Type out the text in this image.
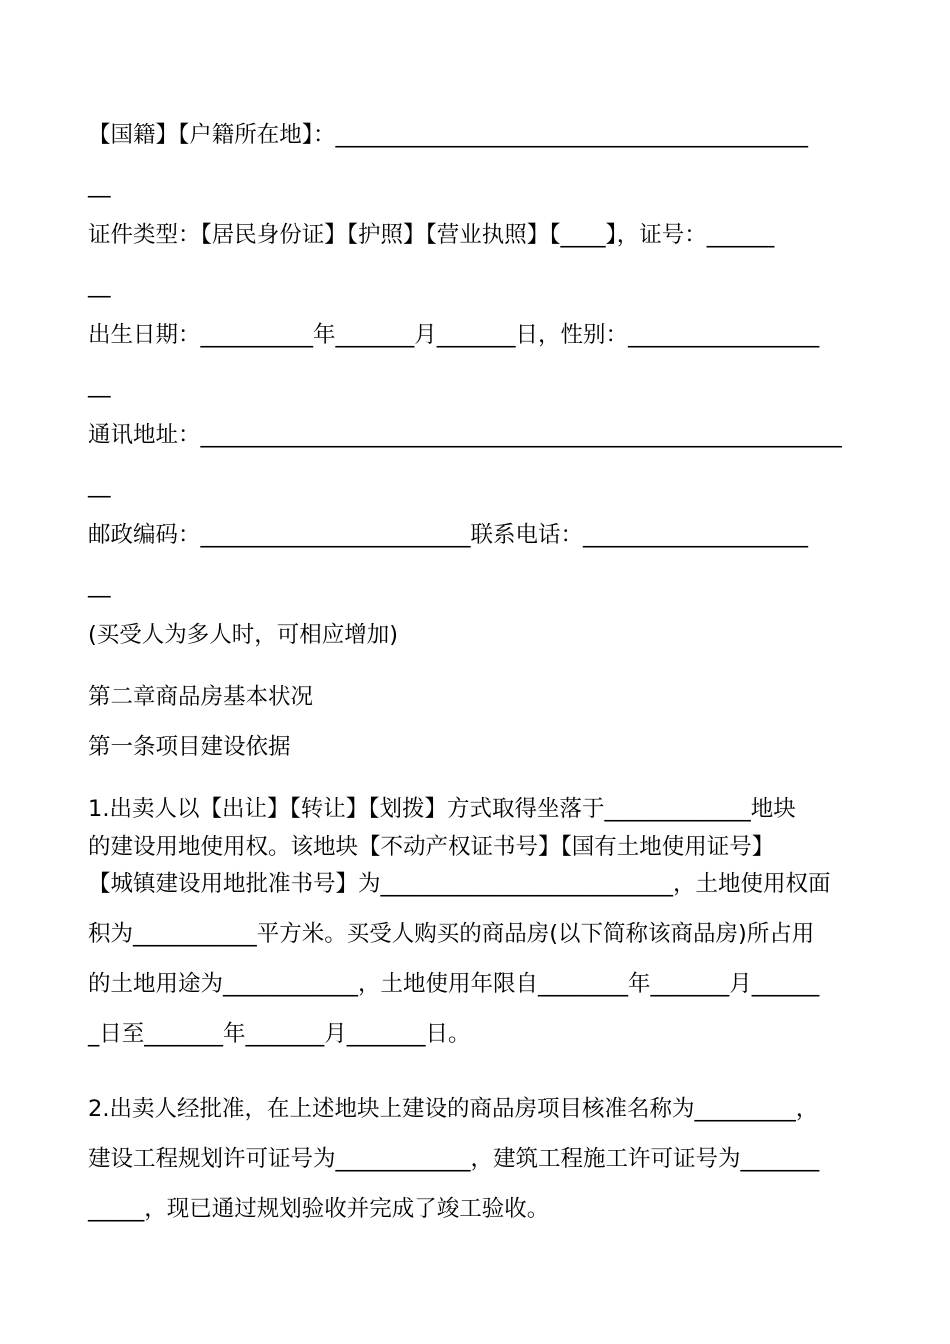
【国籍】【户籍所在地】：__________________________________________
__
证件类型：【居民身份证】【护照】【营业执照】【____】，证号：______
__
出生日期：__________年_______月_______日，性别：_________________
__
通讯地址：_________________________________________________________
__
邮政编码：________________________联系电话：____________________
__
(买受人为多人时，可相应增加)
第二章商品房基本状况
第一条项目建设依据
1.出卖人以【出让】【转让】【划拨】方式取得坐落于_____________地块
的建设用地使用权。该地块【不动产权证书号】【国有土地使用证号】
【城镇建设用地批准书号】为__________________________，土地使用权面
积为___________平方米。买受人购买的商品房(以下简称该商品房)所占用
的土地用途为____________，土地使用年限自________年_______月______
_日至_______年_______月_______日。
2.出卖人经批准，在上述地块上建设的商品房项目核准名称为_________，
建设工程规划许可证号为____________，建筑工程施工许可证号为_______
_____，现已通过规划验收并完成了竣工验收。
